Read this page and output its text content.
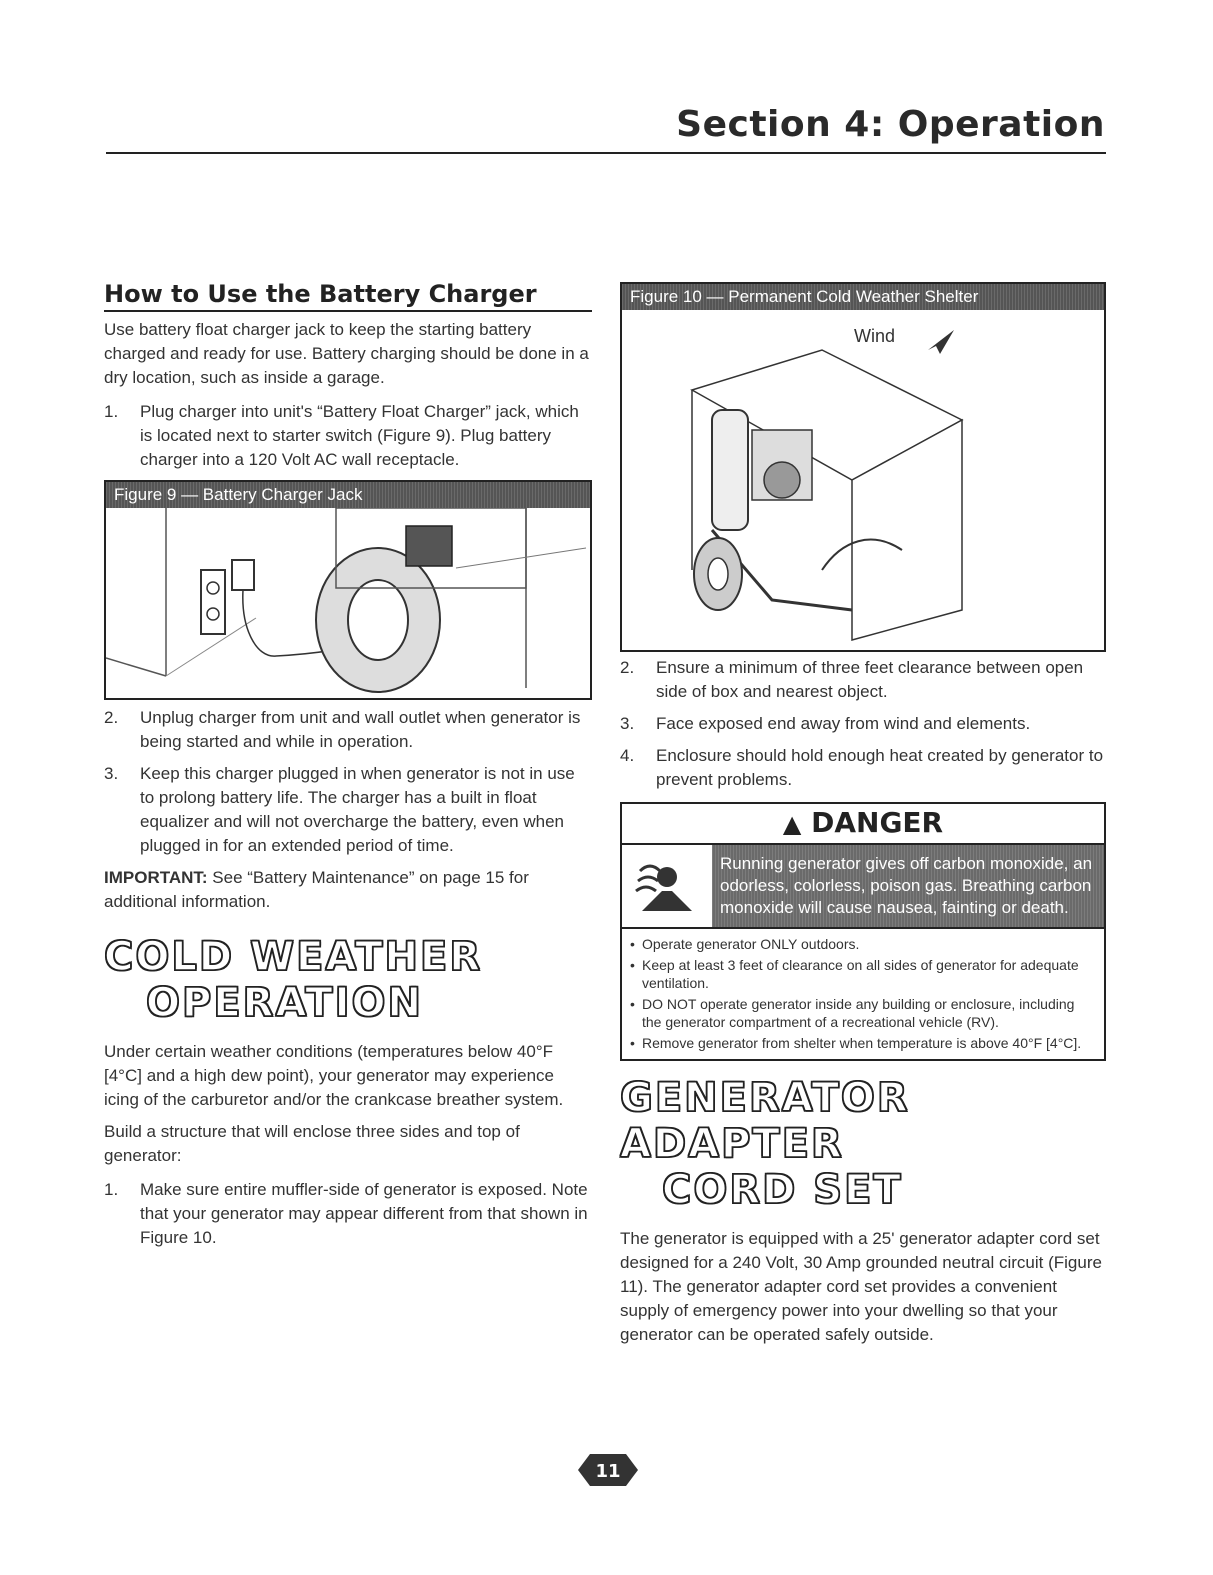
Section 4: Operation
How to Use the Battery Charger

Use battery float charger jack to keep the starting battery charged and ready for use. Battery charging should be done in a dry location, such as inside a garage.

1.	Plug charger into unit's “Battery Float Charger” jack, which is located next to starter switch (Figure 9). Plug battery charger into a 120 Volt AC wall receptacle.
Figure 9 — Battery Charger Jack
2.	Unplug charger from unit and wall outlet when generator is being started and while in operation.
3.	Keep this charger plugged in when generator is not in use to prolong battery life. The charger has a built in float equalizer and will not overcharge the battery, even when plugged in for an extended period of time.

IMPORTANT: See “Battery Maintenance” on page 15 for additional information.

COLD WEATHER
OPERATION

Under certain weather conditions (temperatures below 40°F [4°C] and a high dew point), your generator may experience icing of the carburetor and/or the crankcase breather system.

Build a structure that will enclose three sides and top of generator:

1.	Make sure entire muffler-side of generator is exposed. Note that your generator may appear different from that shown in Figure 10.
Figure 10 — Permanent Cold Weather Shelter
Wind
2.	Ensure a minimum of three feet clearance between open side of box and nearest object.
3.	Face exposed end away from wind and elements.
4.	Enclosure should hold enough heat created by generator to prevent problems.
▲ DANGER
Running generator gives off carbon monoxide, an odorless, colorless, poison gas. Breathing carbon monoxide will cause nausea, fainting or death.
• Operate generator ONLY outdoors.
• Keep at least 3 feet of clearance on all sides of generator for adequate ventilation.
• DO NOT operate generator inside any building or enclosure, including the generator compartment of a recreational vehicle (RV).
• Remove generator from shelter when temperature is above 40°F [4°C].
GENERATOR ADAPTER
CORD SET

The generator is equipped with a 25' generator adapter cord set designed for a 240 Volt, 30 Amp grounded neutral circuit (Figure 11). The generator adapter cord set provides a convenient supply of emergency power into your dwelling so that your generator can be operated safely outside.

11
